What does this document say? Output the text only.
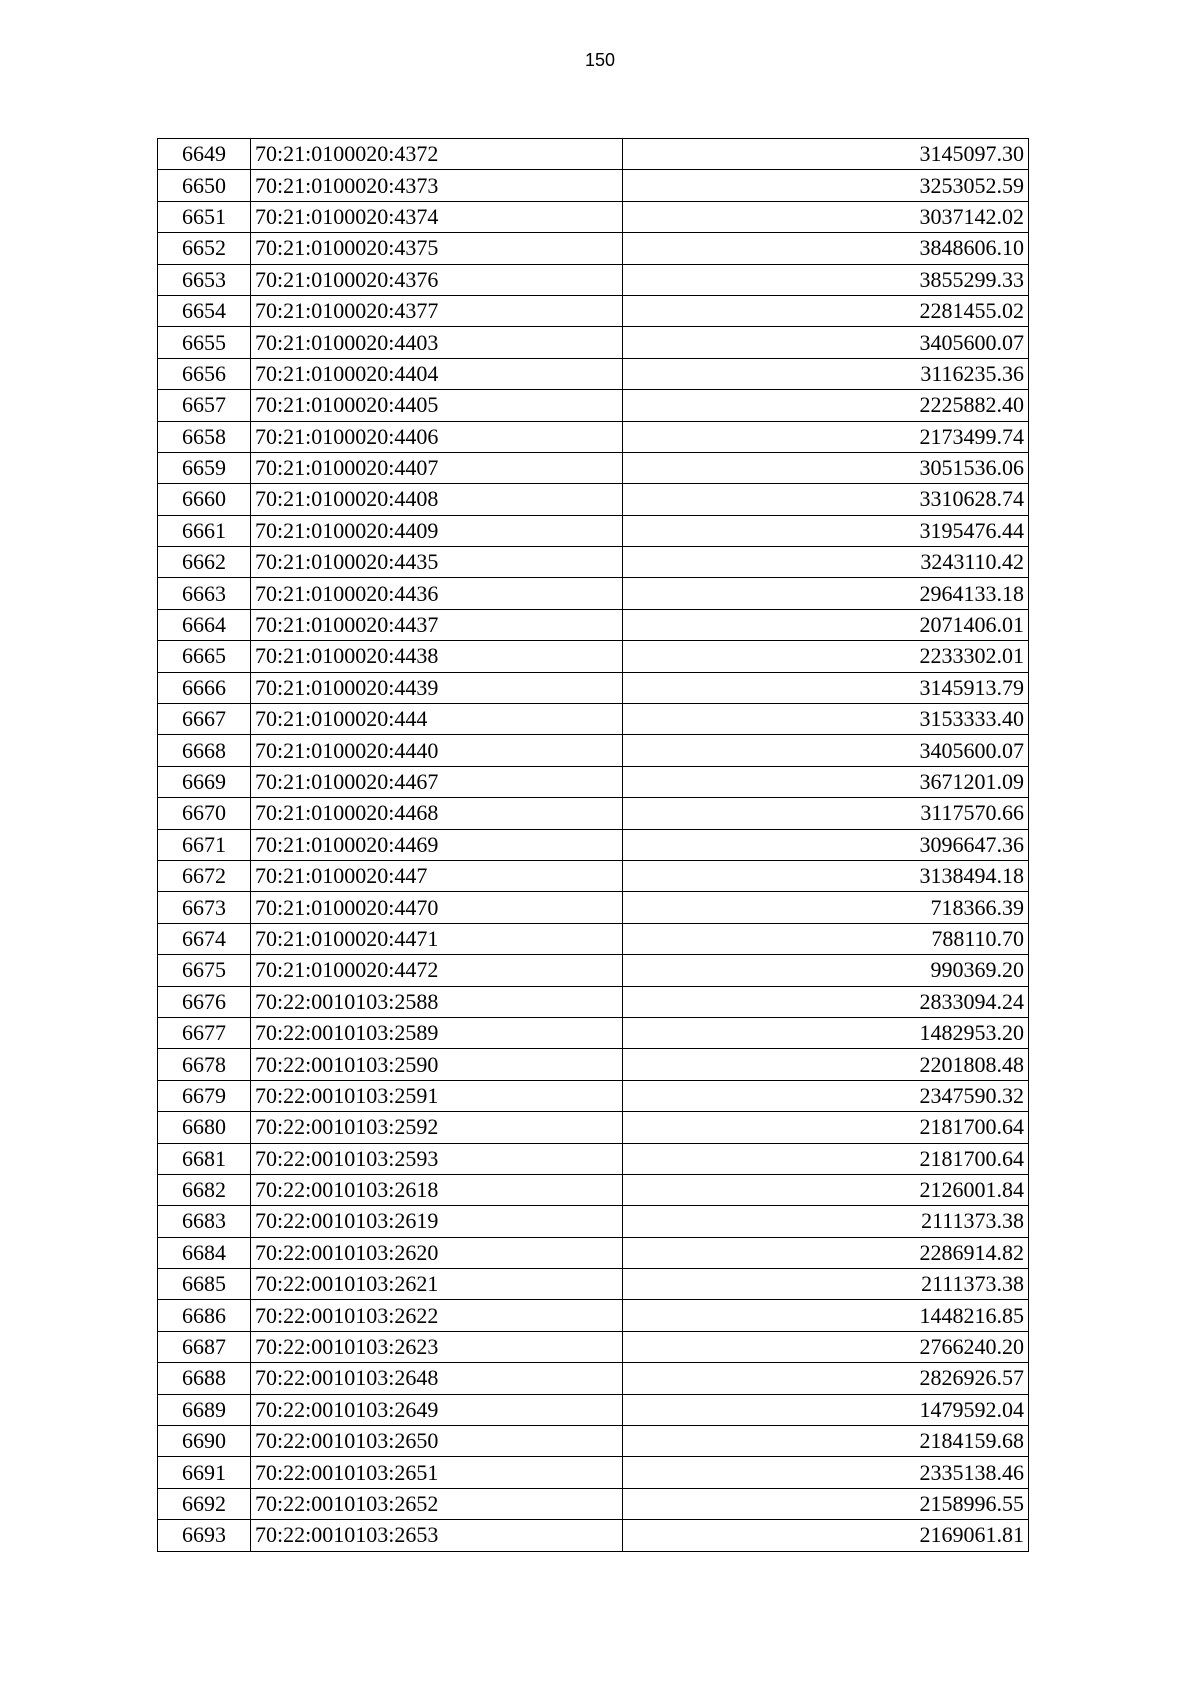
150
6649	70:21:0100020:4372	3145097.30
6650	70:21:0100020:4373	3253052.59
6651	70:21:0100020:4374	3037142.02
6652	70:21:0100020:4375	3848606.10
6653	70:21:0100020:4376	3855299.33
6654	70:21:0100020:4377	2281455.02
6655	70:21:0100020:4403	3405600.07
6656	70:21:0100020:4404	3116235.36
6657	70:21:0100020:4405	2225882.40
6658	70:21:0100020:4406	2173499.74
6659	70:21:0100020:4407	3051536.06
6660	70:21:0100020:4408	3310628.74
6661	70:21:0100020:4409	3195476.44
6662	70:21:0100020:4435	3243110.42
6663	70:21:0100020:4436	2964133.18
6664	70:21:0100020:4437	2071406.01
6665	70:21:0100020:4438	2233302.01
6666	70:21:0100020:4439	3145913.79
6667	70:21:0100020:444	3153333.40
6668	70:21:0100020:4440	3405600.07
6669	70:21:0100020:4467	3671201.09
6670	70:21:0100020:4468	3117570.66
6671	70:21:0100020:4469	3096647.36
6672	70:21:0100020:447	3138494.18
6673	70:21:0100020:4470	718366.39
6674	70:21:0100020:4471	788110.70
6675	70:21:0100020:4472	990369.20
6676	70:22:0010103:2588	2833094.24
6677	70:22:0010103:2589	1482953.20
6678	70:22:0010103:2590	2201808.48
6679	70:22:0010103:2591	2347590.32
6680	70:22:0010103:2592	2181700.64
6681	70:22:0010103:2593	2181700.64
6682	70:22:0010103:2618	2126001.84
6683	70:22:0010103:2619	2111373.38
6684	70:22:0010103:2620	2286914.82
6685	70:22:0010103:2621	2111373.38
6686	70:22:0010103:2622	1448216.85
6687	70:22:0010103:2623	2766240.20
6688	70:22:0010103:2648	2826926.57
6689	70:22:0010103:2649	1479592.04
6690	70:22:0010103:2650	2184159.68
6691	70:22:0010103:2651	2335138.46
6692	70:22:0010103:2652	2158996.55
6693	70:22:0010103:2653	2169061.81
